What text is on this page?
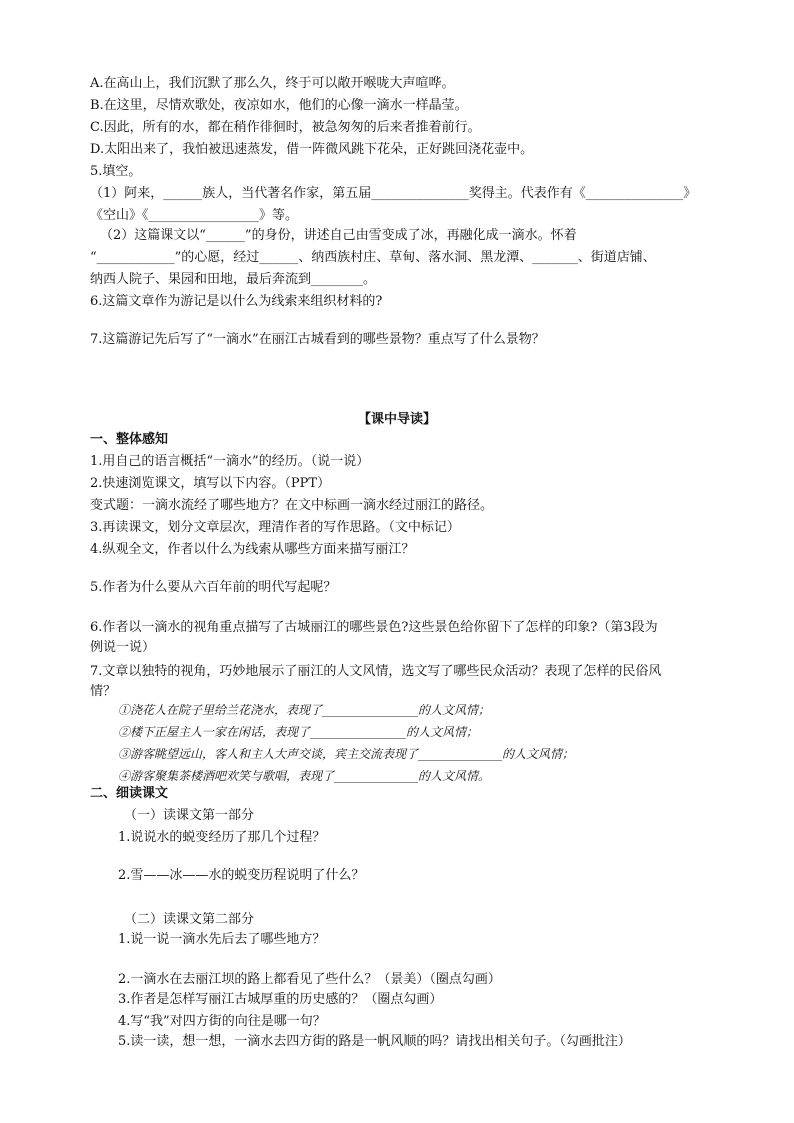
A.在高山上，我们沉默了那么久，终于可以敞开喉咙大声喧哗。
B.在这里，尽情欢歌处，夜凉如水，他们的心像一滴水一样晶莹。
C.因此，所有的水，都在稍作徘徊时，被急匆匆的后来者推着前行。
D.太阳出来了，我怕被迅速蒸发，借一阵微风跳下花朵，正好跳回浇花壶中。
5.填空。
（1）阿来，______族人，当代著名作家，第五届_______________奖得主。代表作有《_______________》
《空山》《_________________》等。
（2）这篇课文以“______”的身份，讲述自己由雪变成了冰，再融化成一滴水。怀着
“____________”的心愿，经过______、纳西族村庄、草甸、落水洞、黑龙潭、_______、街道店铺、
纳西人院子、果园和田地，最后奔流到________。
6.这篇文章作为游记是以什么为线索来组织材料的?
7.这篇游记先后写了“一滴水”在丽江古城看到的哪些景物？重点写了什么景物？
【课中导读】
一、整体感知
1.用自己的语言概括“一滴水”的经历。（说一说）
2.快速浏览课文，填写以下内容。（PPT）
变式题：一滴水流经了哪些地方？在文中标画一滴水经过丽江的路径。
3.再读课文，划分文章层次，理清作者的写作思路。（文中标记）
4.纵观全文，作者以什么为线索从哪些方面来描写丽江？
5.作者为什么要从六百年前的明代写起呢？
6.作者以一滴水的视角重点描写了古城丽江的哪些景色?这些景色给你留下了怎样的印象?（第3段为
例说一说）
7.文章以独特的视角，巧妙地展示了丽江的人文风情，选文写了哪些民众活动？表现了怎样的民俗风
情？
①浇花人在院子里给兰花浇水，表现了________________的人文风情；
②楼下正屋主人一家在闲话，表现了________________的人文风情；
③游客眺望远山，客人和主人大声交谈，宾主交流表现了______________的人文风情；
④游客聚集茶楼酒吧欢笑与歌唱，表现了______________的人文风情。
二、细读课文
（一）读课文第一部分
1.说说水的蜕变经历了那几个过程？
2.雪——冰——水的蜕变历程说明了什么？
（二）读课文第二部分
1.说一说一滴水先后去了哪些地方？
2.一滴水在去丽江坝的路上都看见了些什么？（景美）（圈点勾画）
3.作者是怎样写丽江古城厚重的历史感的？（圈点勾画）
4.写“我”对四方街的向往是哪一句？
5.读一读，想一想，一滴水去四方街的路是一帆风顺的吗？请找出相关句子。（勾画批注）
